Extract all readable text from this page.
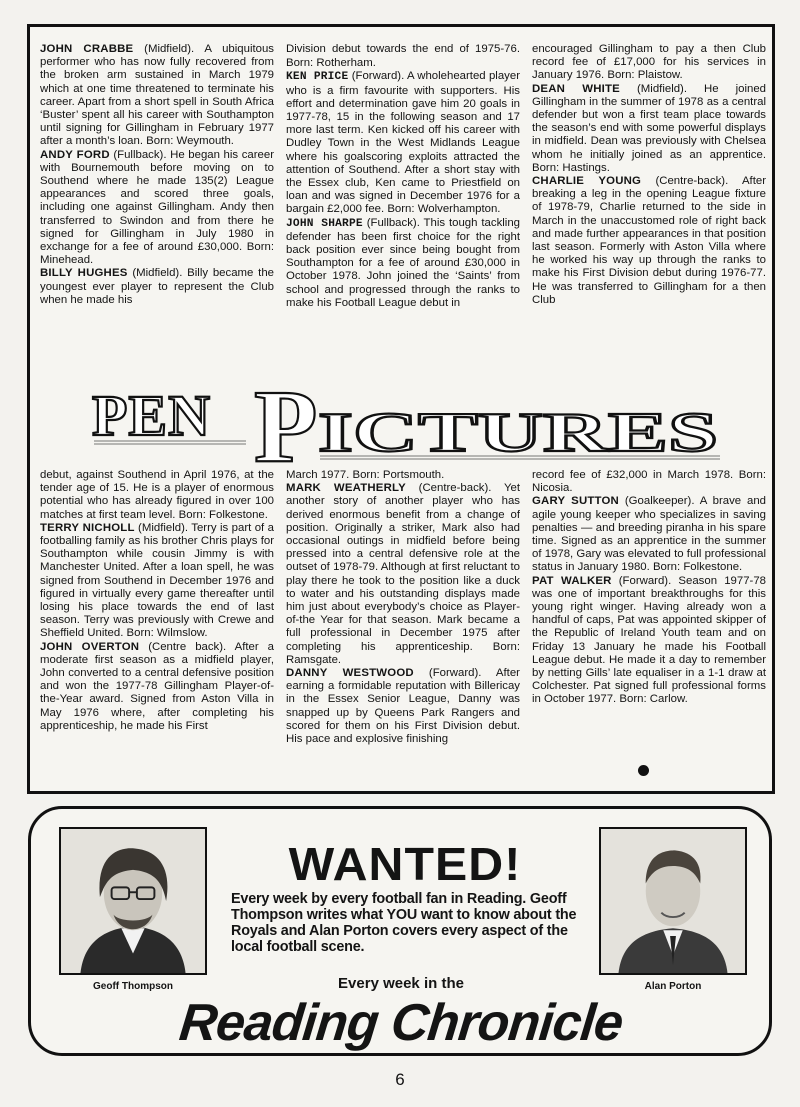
JOHN CRABBE (Midfield). A ubiquitous performer who has now fully recovered from the broken arm sustained in March 1979 which at one time threatened to terminate his career. Apart from a short spell in South Africa ‘Buster’ spent all his career with Southampton until signing for Gillingham in February 1977 after a month’s loan. Born: Weymouth.

ANDY FORD (Fullback). He began his career with Bournemouth before moving on to Southend where he made 135(2) League appearances and scored three goals, including one against Gillingham. Andy then transferred to Swindon and from there he signed for Gillingham in July 1980 in exchange for a fee of around £30,000. Born: Minehead.

BILLY HUGHES (Midfield). Billy became the youngest ever player to represent the Club when he made his

Division debut towards the end of 1975-76. Born: Rotherham.

KEN PRICE (Forward). A wholehearted player who is a firm favourite with supporters. His effort and determination gave him 20 goals in 1977-78, 15 in the following season and 17 more last term. Ken kicked off his career with Dudley Town in the West Midlands League where his goalscoring exploits attracted the attention of Southend. After a short stay with the Essex club, Ken came to Priestfield on loan and was signed in December 1976 for a bargain £2,000 fee. Born: Wolverhampton.

JOHN SHARPE (Fullback). This tough tackling defender has been first choice for the right back position ever since being bought from Southampton for a fee of around £30,000 in October 1978. John joined the ‘Saints’ from school and progressed through the ranks to make his Football League debut in

encouraged Gillingham to pay a then Club record fee of £17,000 for his services in January 1976. Born: Plaistow.

DEAN WHITE (Midfield). He joined Gillingham in the summer of 1978 as a central defender but won a first team place towards the season’s end with some powerful displays in midfield. Dean was previously with Chelsea whom he initially joined as an apprentice. Born: Hastings.

CHARLIE YOUNG (Centre-back). After breaking a leg in the opening League fixture of 1978-79, Charlie returned to the side in March in the unaccustomed role of right back and made further appearances in that position last season. Formerly with Aston Villa where he worked his way up through the ranks to make his First Division debut during 1976-77. He was transferred to Gillingham for a then Club

PEN P ICTURES

debut, against Southend in April 1976, at the tender age of 15. He is a player of enormous potential who has already figured in over 100 matches at first team level. Born: Folkestone.

TERRY NICHOLL (Midfield). Terry is part of a footballing family as his brother Chris plays for Southampton while cousin Jimmy is with Manchester United. After a loan spell, he was signed from Southend in December 1976 and figured in virtually every game thereafter until losing his place towards the end of last season. Terry was previously with Crewe and Sheffield United. Born: Wilmslow.

JOHN OVERTON (Centre back). After a moderate first season as a midfield player, John converted to a central defensive position and won the 1977-78 Gillingham Player-of-the-Year award. Signed from Aston Villa in May 1976 where, after completing his apprenticeship, he made his First

March 1977. Born: Portsmouth.

MARK WEATHERLY (Centre-back). Yet another story of another player who has derived enormous benefit from a change of position. Originally a striker, Mark also had occasional outings in midfield before being pressed into a central defensive role at the outset of 1978-79. Although at first reluctant to play there he took to the position like a duck to water and his outstanding displays made him just about everybody’s choice as Player-of-the Year for that season. Mark became a full professional in December 1975 after completing his apprenticeship. Born: Ramsgate.

DANNY WESTWOOD (Forward). After earning a formidable reputation with Billericay in the Essex Senior League, Danny was snapped up by Queens Park Rangers and scored for them on his First Division debut. His pace and explosive finishing

record fee of £32,000 in March 1978. Born: Nicosia.

GARY SUTTON (Goalkeeper). A brave and agile young keeper who specializes in saving penalties — and breeding piranha in his spare time. Signed as an apprentice in the summer of 1978, Gary was elevated to full professional status in January 1980. Born: Folkestone.

PAT WALKER (Forward). Season 1977-78 was one of important breakthroughs for this young right winger. Having already won a handful of caps, Pat was appointed skipper of the Republic of Ireland Youth team and on Friday 13 January he made his Football League debut. He made it a day to remember by netting Gills’ late equaliser in a 1-1 draw at Colchester. Pat signed full professional forms in October 1977. Born: Carlow.

Geoff Thompson	Alan Porton
WANTED!
Every week by every football fan in Reading. Geoff Thompson writes what YOU want to know about the Royals and Alan Porton covers every aspect of the local football scene.
Every week in the
Reading Chronicle
6
